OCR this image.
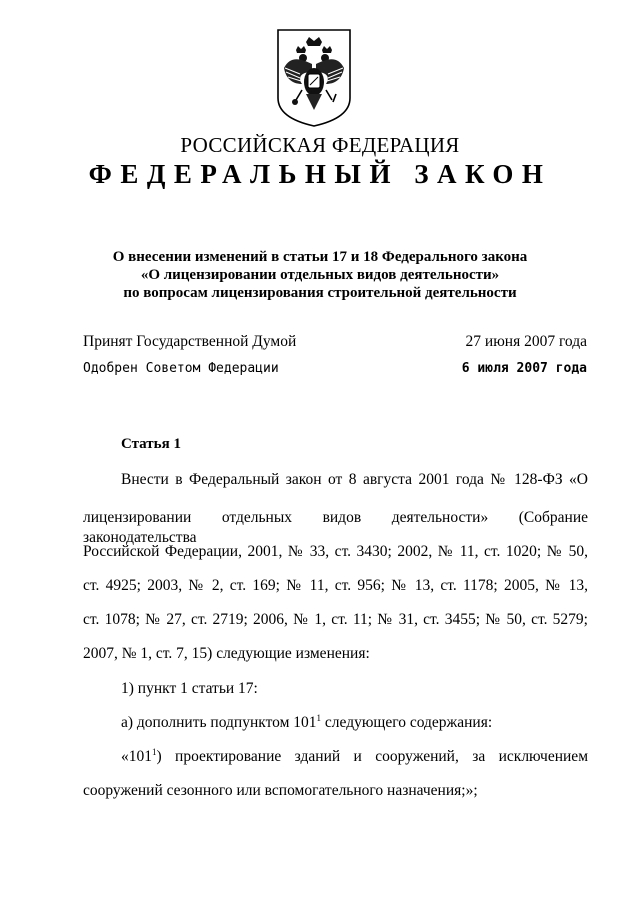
РОССИЙСКАЯ ФЕДЕРАЦИЯ
ФЕДЕРАЛЬНЫЙ ЗАКОН
О внесении изменений в статьи 17 и 18 Федерального закона
«О лицензировании отдельных видов деятельности»
по вопросам лицензирования строительной деятельности
Принят Государственной Думой	27 июня 2007 года
Одобрен Советом Федерации	6 июля 2007 года
Статья 1
Внести в Федеральный закон от 8 августа 2001 года № 128-ФЗ «О
лицензировании отдельных видов деятельности» (Собрание законодательства
Российской Федерации, 2001, № 33, ст. 3430; 2002, № 11, ст. 1020; № 50,
ст. 4925; 2003, № 2, ст. 169; № 11, ст. 956; № 13, ст. 1178; 2005, № 13,
ст. 1078; № 27, ст. 2719; 2006, № 1, ст. 11; № 31, ст. 3455; № 50, ст. 5279;
2007, № 1, ст. 7, 15) следующие изменения:
1) пункт 1 статьи 17:
а) дополнить подпунктом $101^1$ следующего содержания:
«$101^1$) проектирование зданий и сооружений, за исключением
сооружений сезонного или вспомогательного назначения;»;
